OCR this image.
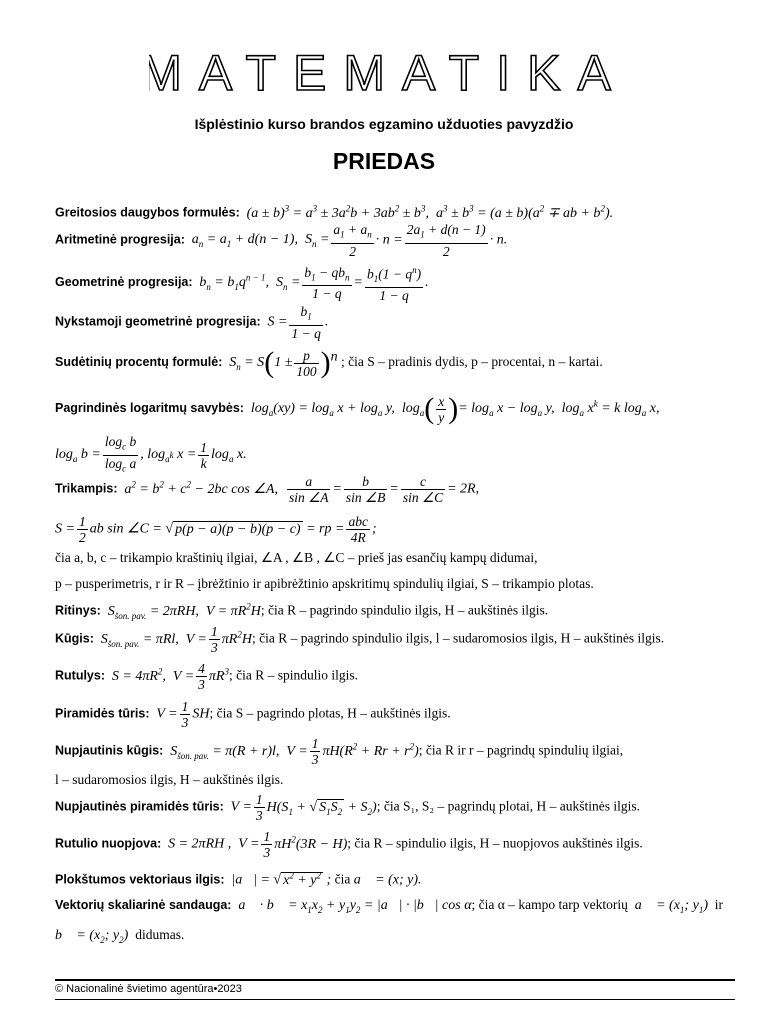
MATEMATIKA
Išplėstinio kurso brandos egzamino užduoties pavyzdžio
PRIEDAS
Greitosios daugybos formulės:  $(a \pm b)^3 = a^3 \pm 3a^2b + 3ab^2 \pm b^3$,  $a^3 \pm b^3 = (a \pm b)(a^2$ ∓ ab + $b^2$).
Aritmetinė progresija:  $a_n = a_1 + d(n - 1)$,  $S_n = \frac{a_1 + a_n}{2} \cdot n = \frac{2a_1 + d(n - 1)}{2} \cdot n$.
Geometrinė progresija:  $b_n = b_1q^{n - 1}$,  $S_n = \frac{b_1 - qb_n}{1 - q} = \frac{b_1(1 - q^n)}{1 - q}$ .
Nykstamoji geometrinė progresija:  $S = \frac{b_1}{1 - q}$ .
Sudėtinių procentų formulė:  $S_n = S(1 \pm \frac{p}{100} )^n$ ; čia S – pradinis dydis, p – procentai, n – kartai.
Pagrindinės logaritmų savybės:  $\log_a(xy) = \log_a x + \log_a y$,  $\log_a( \frac{x}{y}$ )= $\log_a x - \log_a y$,  $\log_a x^k = k$ $\log_a x$,
$\log_a b = \frac{\log_c b}{\log_c a}$ , $\log_{a^k} x = \frac{1}{k} \log_a x$.
Trikampis:  $a^2 = b^2 + c^2 - 2bc$ cos ∠A, $\frac{a}{\sin \angle A} = \frac{b}{\sin \angle B} = \frac{c}{\sin \angle C} = 2R$,
$S = \frac{1}{2}$ ab sin ∠C = √ p(p − a)(p − b)(p − c) = rp = $\frac{\text{abc}}{4R}$ ;
čia a, b, c – trikampio kraštinių ilgiai, ∠A , ∠B , ∠C – prieš jas esančių kampų didumai,
p – pusperimetris, r ir R – įbrėžtinio ir apibrėžtinio apskritimų spindulių ilgiai, S – trikampio plotas.
Ritinys:  $S_{šon. pav.} = 2\pi RH$,  $V = \pi R^2H$; čia R – pagrindo spindulio ilgis, H – aukštinės ilgis.
Kūgis:  $S_{šon. pav.} = \pi Rl$,  $V = \frac{1}{3} \pi R^2H$; čia R – pagrindo spindulio ilgis, l – sudaromosios ilgis, H – aukštinės ilgis.
Rutulys:  $S = 4\pi R^2$,  $V = \frac{4}{3} \pi R^3$; čia R – spindulio ilgis.
Piramidės tūris:  $V = \frac{1}{3}$ SH; čia S – pagrindo plotas, H – aukštinės ilgis.
Nupjautinis kūgis:  $S_{šon. pav.} = \pi(R + r)l$,  $V = \frac{1}{3} \pi H(R^2 + Rr + r^2)$; čia R ir r – pagrindų spindulių ilgiai,
l – sudaromosios ilgis, H – aukštinės ilgis.
Nupjautinės piramidės tūris:  $V = \frac{1}{3} H(S_1$ + √ $S_1S_2 + S_2$); čia S₁, S₂ – pagrindų plotai, H – aukštinės ilgis.
Rutulio nuopjova:  S = 2πRH ,  $V = \frac{1}{3} \pi H^2(3R - H)$; čia R – spindulio ilgis, H – nuopjovos aukštinės ilgis.
Plokštumos vektoriaus ilgis:  |a⃗| = √ $x^2 + y^2$ ; čia a⃗ = (x; y).
Vektorių skaliarinė sandauga:  a⃗ · b⃗ = $x_1x_2 + y_1y_2$ = |a⃗| · |b⃗| cos α; čia α – kampo tarp vektorių  a⃗ = ($x_1$; $y_1$)  ir
b⃗ = ($x_2$; $y_2$)  didumas.
© Nacionalinė švietimo agentūra•2023
